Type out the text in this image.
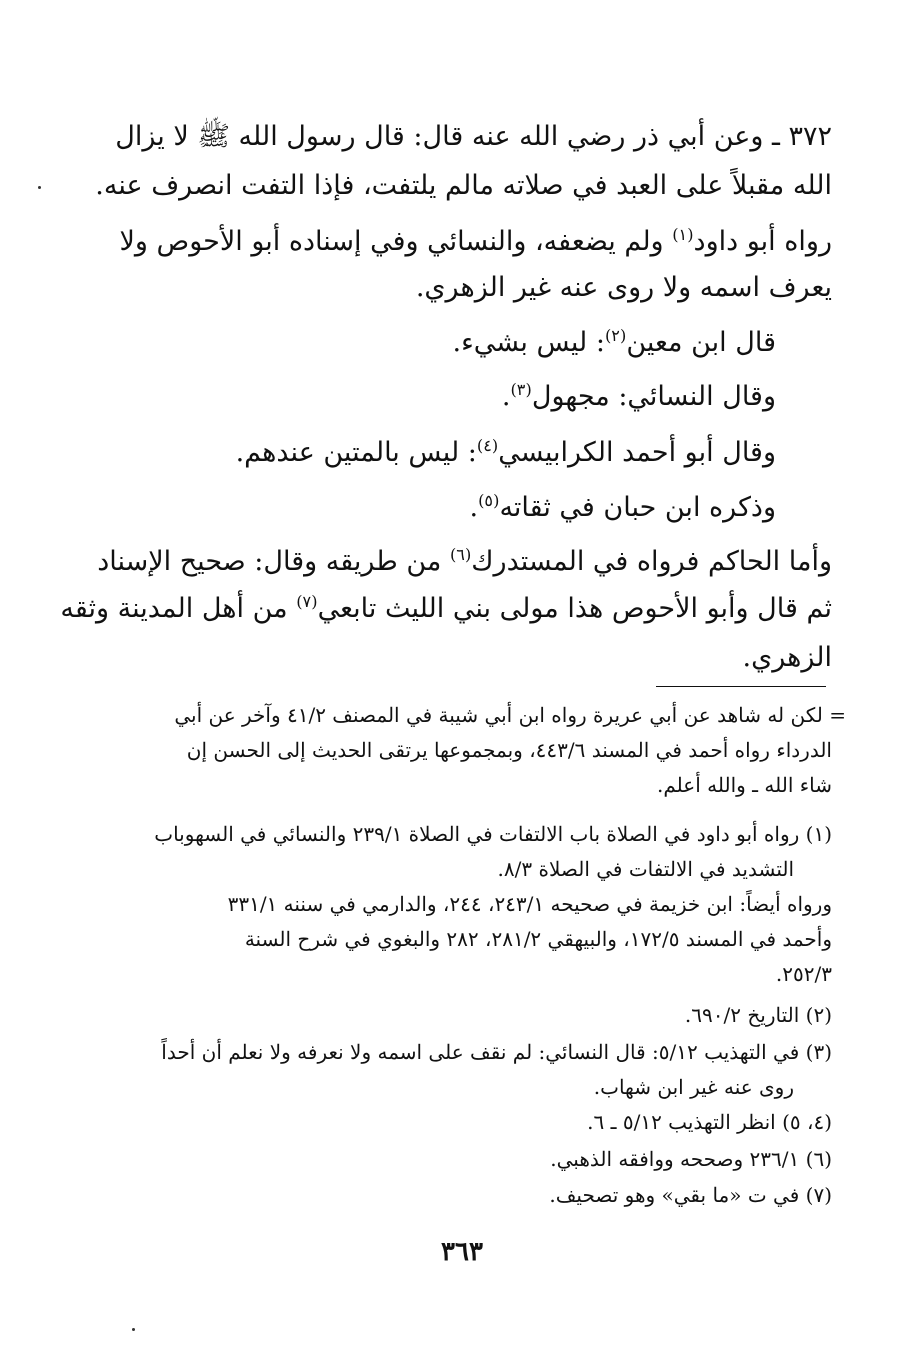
٣٧٢ ـ وعن أبي ذر رضي الله عنه قال: قال رسول الله ﷺ لا يزال
الله مقبلاً على العبد في صلاته مالم يلتفت، فإذا التفت انصرف عنه.
رواه أبو داود$^{(١)}$ ولم يضعفه، والنسائي وفي إسناده أبو الأحوص ولا
يعرف اسمه ولا روى عنه غير الزهري.
قال ابن معين$^{(٢)}$: ليس بشيء.
وقال النسائي: مجهول$^{(٣)}$.
وقال أبو أحمد الكرابيسي$^{(٤)}$: ليس بالمتين عندهم.
وذكره ابن حبان في ثقاته$^{(٥)}$.
وأما الحاكم فرواه في المستدرك$^{(٦)}$ من طريقه وقال: صحيح الإسناد
ثم قال وأبو الأحوص هذا مولى بني الليث تابعي$^{(٧)}$ من أهل المدينة وثقه
الزهري.
= لكن له شاهد عن أبي عريرة رواه ابن أبي شيبة في المصنف ٤١/٢ وآخر عن أبي
الدرداء رواه أحمد في المسند ٤٤٣/٦، وبمجموعها يرتقى الحديث إلى الحسن إن
شاء الله ـ والله أعلم.
(١) رواه أبو داود في الصلاة باب الالتفات في الصلاة ٢٣٩/١ والنسائي في السهوباب
التشديد في الالتفات في الصلاة ٨/٣.
ورواه أيضاً: ابن خزيمة في صحيحه ٢٤٣/١، ٢٤٤، والدارمي في سننه ٣٣١/١
وأحمد في المسند ١٧٢/٥، والبيهقي ٢٨١/٢، ٢٨٢ والبغوي في شرح السنة
٢٥٢/٣.
(٢) التاريخ ٦٩٠/٢.
(٣) في التهذيب ٥/١٢: قال النسائي: لم نقف على اسمه ولا نعرفه ولا نعلم أن أحداً
روى عنه غير ابن شهاب.
(٤، ٥) انظر التهذيب ٥/١٢ ـ ٦.
(٦) ٢٣٦/١ وصححه ووافقه الذهبي.
(٧) في ت «ما بقي» وهو تصحيف.
٣٦٣
